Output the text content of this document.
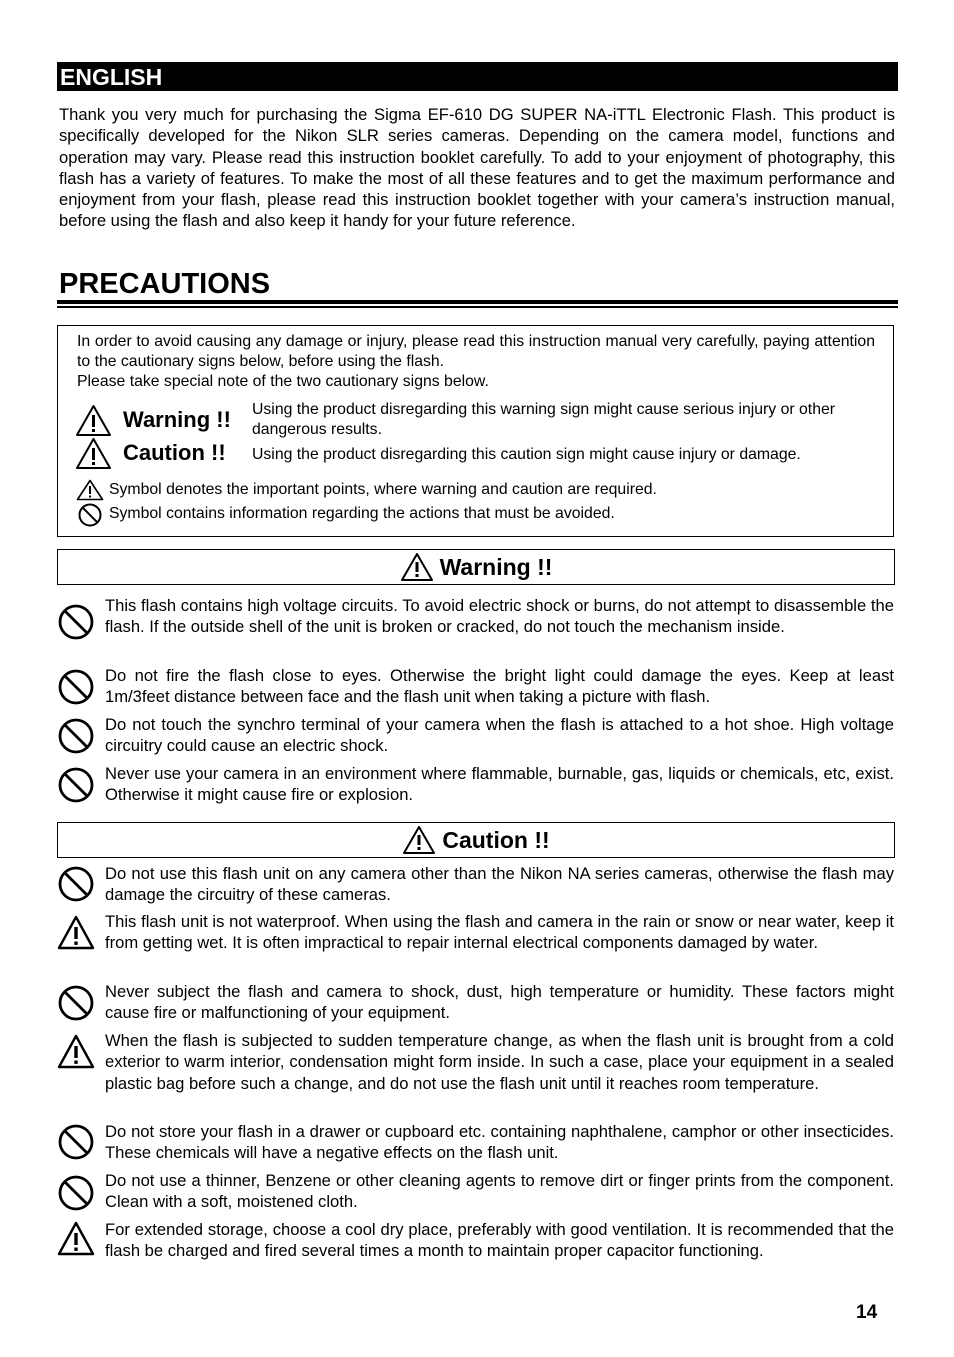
ENGLISH

Thank you very much for purchasing the Sigma EF-610 DG SUPER NA-iTTL Electronic Flash. This product is specifically developed for the Nikon SLR series cameras. Depending on the camera model, functions and operation may vary. Please read this instruction booklet carefully. To add to your enjoyment of photography, this flash has a variety of features. To make the most of all these features and to get the maximum performance and enjoyment from your flash, please read this instruction booklet together with your camera’s instruction manual, before using the flash and also keep it handy for your future reference.

PRECAUTIONS

In order to avoid causing any damage or injury, please read this instruction manual very carefully, paying attention to the cautionary signs below, before using the flash.
Please take special note of the two cautionary signs below.

Warning !! Using the product disregarding this warning sign might cause serious injury or other dangerous results.
Caution !! Using the product disregarding this caution sign might cause injury or damage.
Symbol denotes the important points, where warning and caution are required.
Symbol contains information regarding the actions that must be avoided.
Warning !!

This flash contains high voltage circuits. To avoid electric shock or burns, do not attempt to disassemble the flash. If the outside shell of the unit is broken or cracked, do not touch the mechanism inside.

Do not fire the flash close to eyes. Otherwise the bright light could damage the eyes. Keep at least 1m/3feet distance between face and the flash unit when taking a picture with flash.

Do not touch the synchro terminal of your camera when the flash is attached to a hot shoe. High voltage circuitry could cause an electric shock.

Never use your camera in an environment where flammable, burnable, gas, liquids or chemicals, etc, exist. Otherwise it might cause fire or explosion.

Caution !!

Do not use this flash unit on any camera other than the Nikon NA series cameras, otherwise the flash may damage the circuitry of these cameras.

This flash unit is not waterproof. When using the flash and camera in the rain or snow or near water, keep it from getting wet. It is often impractical to repair internal electrical components damaged by water.

Never subject the flash and camera to shock, dust, high temperature or humidity. These factors might cause fire or malfunctioning of your equipment.

When the flash is subjected to sudden temperature change, as when the flash unit is brought from a cold exterior to warm interior, condensation might form inside. In such a case, place your equipment in a sealed plastic bag before such a change, and do not use the flash unit until it reaches room temperature.

Do not store your flash in a drawer or cupboard etc. containing naphthalene, camphor or other insecticides. These chemicals will have a negative effects on the flash unit.

Do not use a thinner, Benzene or other cleaning agents to remove dirt or finger prints from the component. Clean with a soft, moistened cloth.

For extended storage, choose a cool dry place, preferably with good ventilation. It is recommended that the flash be charged and fired several times a month to maintain proper capacitor functioning.

14
